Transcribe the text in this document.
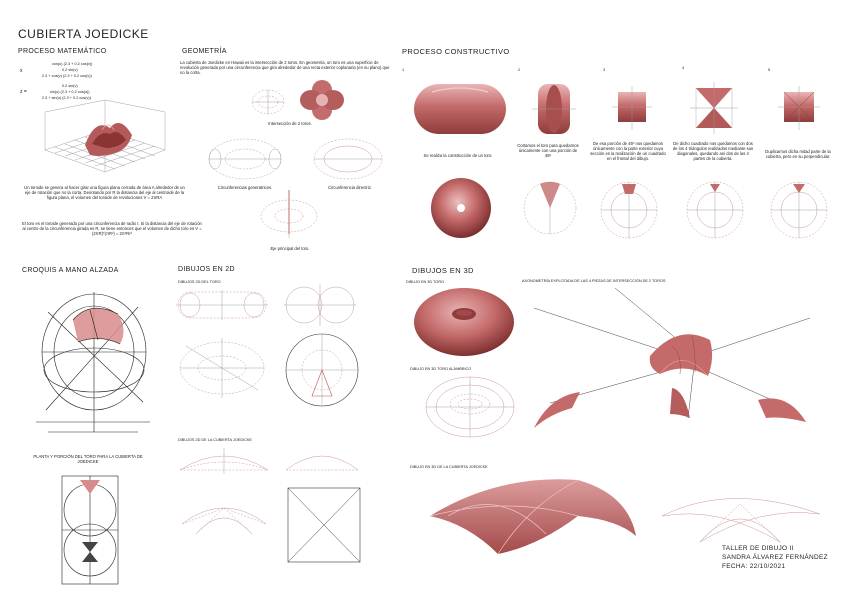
CUBIERTA JOEDICKE
PROCESO MATEMÁTICO
x
z =
cos(u) (2.3 + 0.2 cos(v))
0.2 sin(v)
2.3 + cos(v) (2.3 + 0.2 cos(v))
0.2 sin(v)
sin(u) (2.3 + 0.2 cos(u))
2.3 + sin(u) (2.3 + 0.2 cos(v))
Un toroide se genera al hacer girar una figura plana cerrada de área A alrededor de un eje de rotación que no la corta. Denotando por R la distancia del eje al centroide de la figura plana, el volumen del toroide de revoluciones V = 2πRA
El toro es el toroide generado por una circunferencia de radio r. Si la distancia del eje de rotación al centro de la circunferencia girada es R, se tiene entonces que el volumen de dicho toro es V = (2πR)*(πR²) = 2π²Rr²
GEOMETRÍA
La cubierta de Joedicke en Hawaii es la intersección de 2 toros. En geometría, un toro es una superficie de revolución generada por una circunferencia que gira alrededor de una recta exterior coplanaria (en su plano) que no la corta.
Intersección de 2 toros.
Circunferencias generatrices.	Circunferencia directriz.
Eje principal del toro.
PROCESO CONSTRUCTIVO
1	2	3	4	5
Se realiza la construcción de un toro.
Cortamos el toro para quedarnos únicamente con una porción de 45º
De esa porción de 45º nos quedamos únicamente con la parte exterior cuya sección es la realización de un cuadrado en el frontal del dibujo.
De dicho cuadrado nos quedamos con dos de los 4 triángulos realizados mediante sus diagonales, quedando así dos de las 4 partes de la cubierta.
Duplicamos dicha mitad parte de la cubierta, pero en su perpendicular.
CROQUIS A MANO ALZADA
PLANTA Y PORCIÓN DEL TORO PARA LA CUBIERTA DE JOEDICKE
DIBUJOS EN 2D
DIBUJOS 2D DEL TORO
DIBUJOS 2D DE LA CUBIERTA JOEDICKE
DIBUJOS EN 3D
DIBUJO EN 3D TORO
DIBUJO EN 3D TORO ALÁMBRICO
AXONOMETRÍA EXPLOTADA DE LAS 4 PIEZAS DE INTERSECCIÓN DE 2 TOROS
DIBUJO EN 3D DE LA CUBIERTA JOEDICKE
TALLER DE DIBUJO II
SANDRA ÁLVAREZ FERNÁNDEZ
FECHA: 22/10/2021
